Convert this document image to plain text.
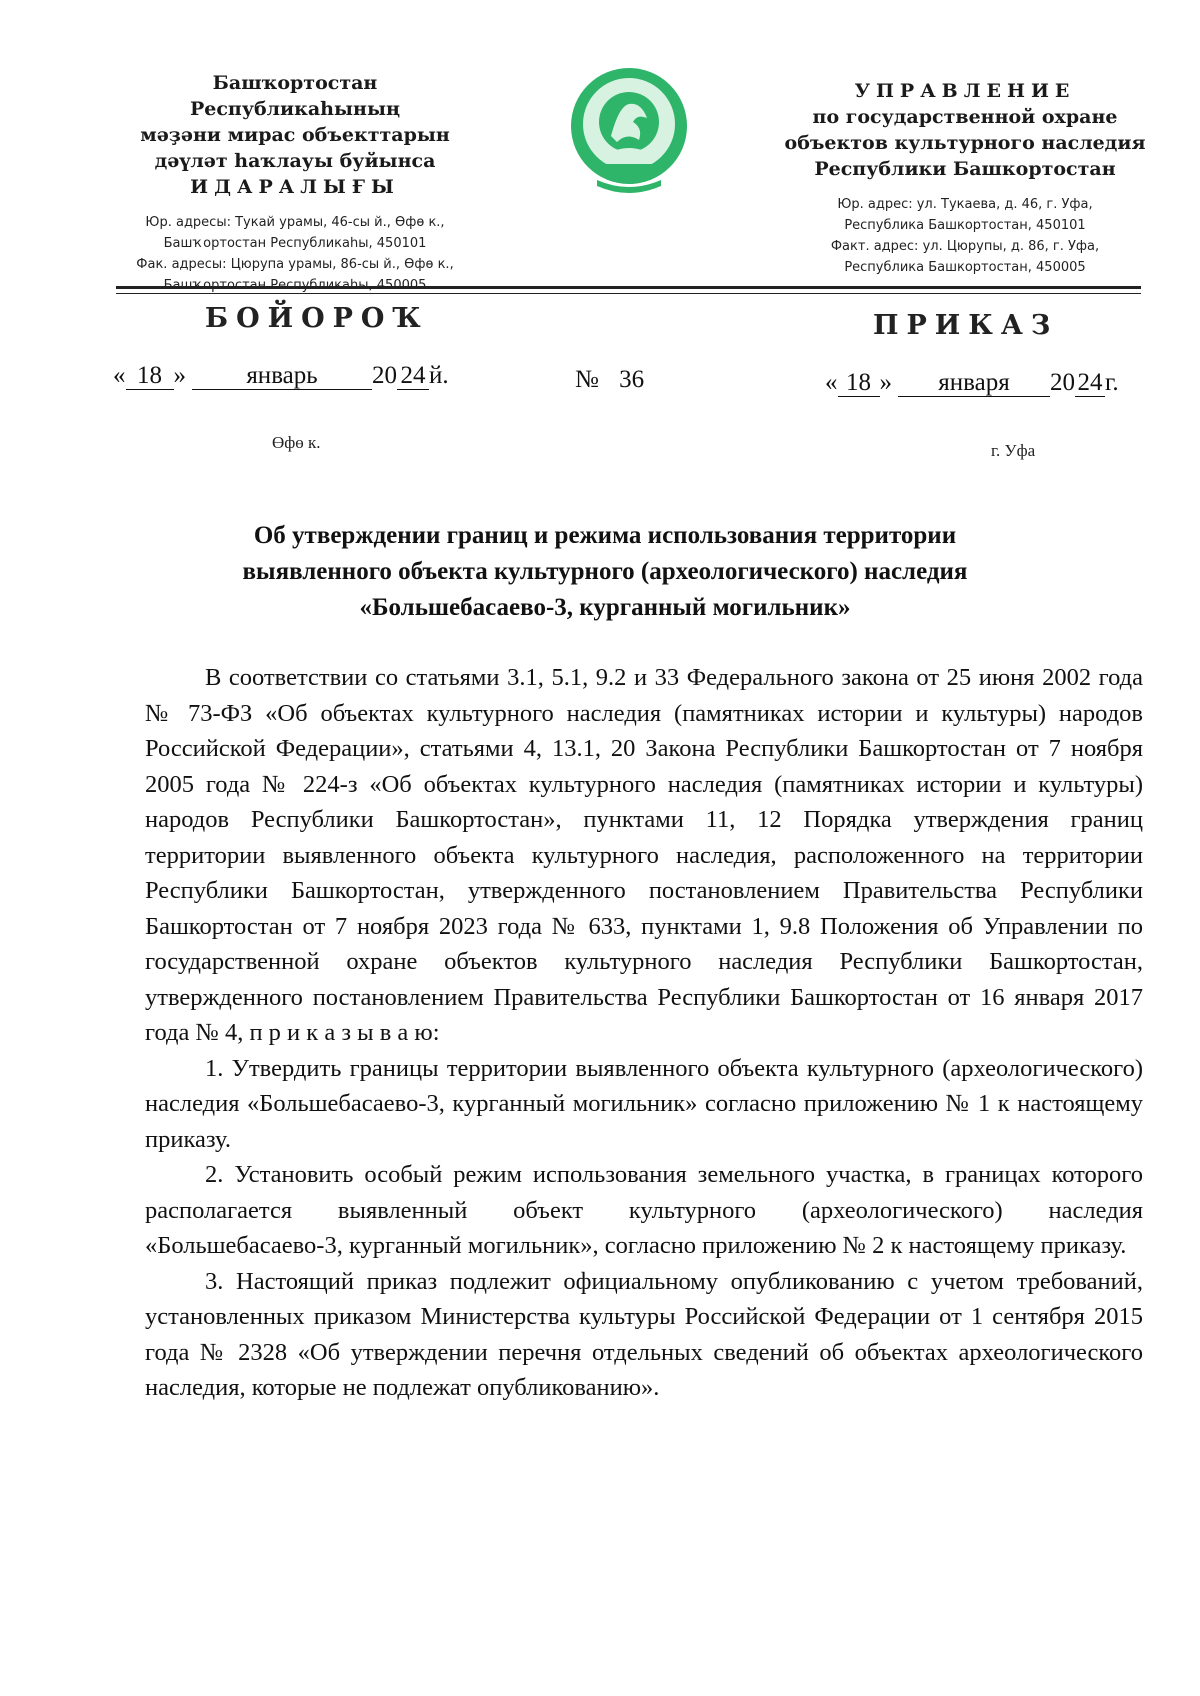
Башҡортостан Республикаһының
мәҙәни мирас объекттарын
дәүләт һаҡлауы буйынса
ИДАРАЛЫҒЫ
Юр. адресы: Тукай урамы, 46-сы й., Өфө к.,
Башҡортостан Республикаһы, 450101
Фак. адресы: Цюрупа урамы, 86-сы й., Өфө к.,
УПРАВЛЕНИЕ
по государственной охране
объектов культурного наследия
Республики Башкортостан
Юр. адрес: ул. Тукаева, д. 46, г. Уфа,
Республика Башкортостан, 450101
Факт. адрес: ул. Цюрупы, д. 86, г. Уфа,
Республика Башкортостан, 450005
БОЙОРОҠ	ПРИКАЗ
« 18 » январь 20 24 й.	№ 36	« 18 » января 20 24 г.
Өфө к.	г. Уфа
Об утверждении границ и режима использования территории
выявленного объекта культурного (археологического) наследия
«Большебасаево-3, курганный могильник»

В соответствии со статьями 3.1, 5.1, 9.2 и 33 Федерального закона от 25 июня 2002 года № 73-ФЗ «Об объектах культурного наследия (памятниках истории и культуры) народов Российской Федерации», статьями 4, 13.1, 20 Закона Республики Башкортостан от 7 ноября 2005 года № 224-з «Об объектах культурного наследия (памятниках истории и культуры) народов Республики Башкортостан», пунктами 11, 12 Порядка утверждения границ территории выявленного объекта культурного наследия, расположенного на территории Республики Башкортостан, утвержденного постановлением Правительства Республики Башкортостан от 7 ноября 2023 года № 633, пунктами 1, 9.8 Положения об Управлении по государственной охране объектов культурного наследия Республики Башкортостан, утвержденного постановлением Правительства Республики Башкортостан от 16 января 2017 года № 4, п р и к а з ы в а ю:

1. Утвердить границы территории выявленного объекта культурного (археологического) наследия «Большебасаево-3, курганный могильник» согласно приложению № 1 к настоящему приказу.

2. Установить особый режим использования земельного участка, в границах которого располагается выявленный объект культурного (археологического) наследия «Большебасаево-3, курганный могильник», согласно приложению № 2 к настоящему приказу.

3. Настоящий приказ подлежит официальному опубликованию с учетом требований, установленных приказом Министерства культуры Российской Федерации от 1 сентября 2015 года № 2328 «Об утверждении перечня отдельных сведений об объектах археологического наследия, которые не подлежат опубликованию».
